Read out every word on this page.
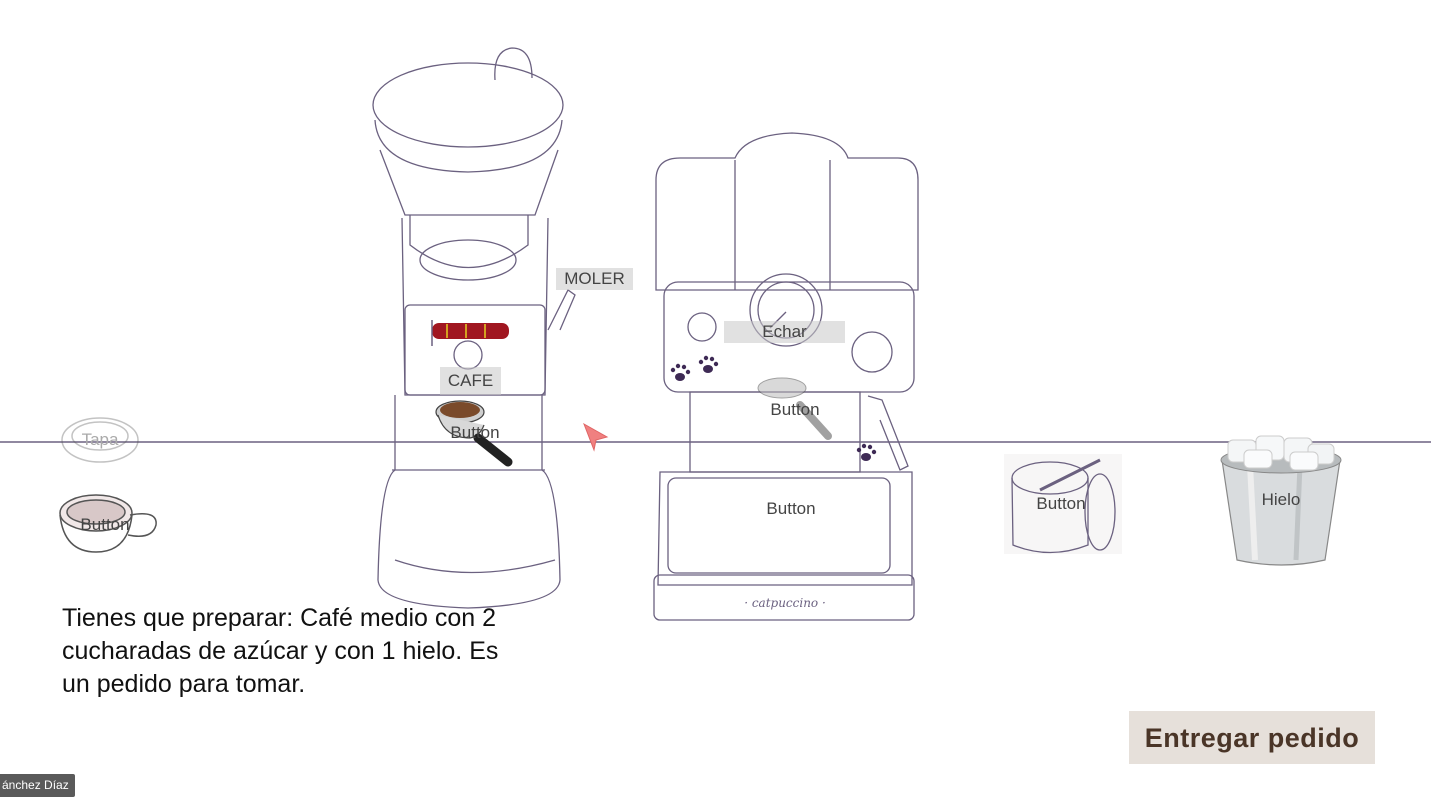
· catpuccino ·
MOLER
CAFE
Button
Echar
Button
Button
Tapa
Button
Button	Hielo
Tienes que preparar: Café medio con 2 cucharadas de azúcar y con 1 hielo. Es un pedido para tomar.
Entregar pedido
ánchez Díaz
